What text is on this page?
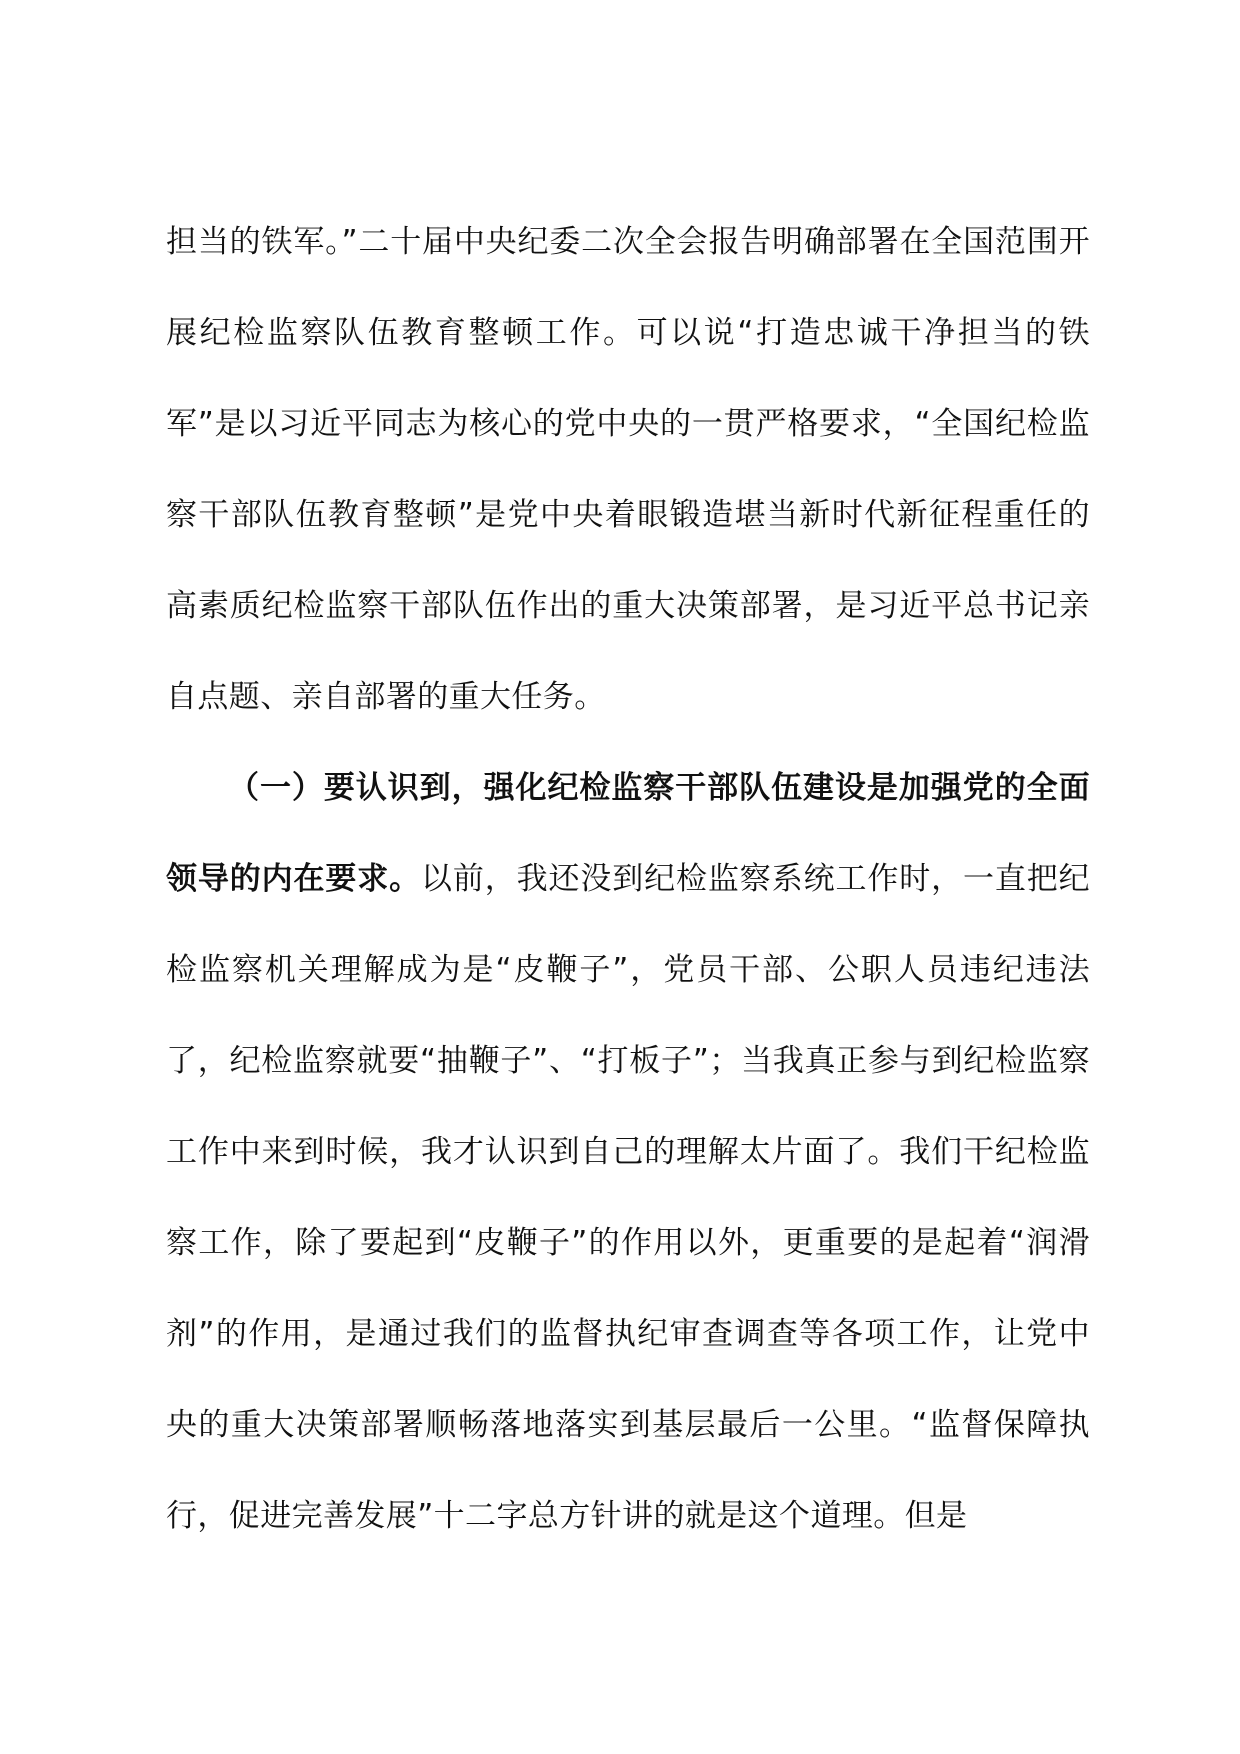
担当的铁军。”二十届中央纪委二次全会报告明确部署在全国范围开展纪检监察队伍教育整顿工作。可以说“打造忠诚干净担当的铁军”是以习近平同志为核心的党中央的一贯严格要求，“全国纪检监察干部队伍教育整顿”是党中央着眼锻造堪当新时代新征程重任的高素质纪检监察干部队伍作出的重大决策部署，是习近平总书记亲自点题、亲自部署的重大任务。

（一）要认识到，强化纪检监察干部队伍建设是加强党的全面领导的内在要求。以前，我还没到纪检监察系统工作时，一直把纪检监察机关理解成为是“皮鞭子”，党员干部、公职人员违纪违法了，纪检监察就要“抽鞭子”、“打板子”；当我真正参与到纪检监察工作中来到时候，我才认识到自己的理解太片面了。我们干纪检监察工作，除了要起到“皮鞭子”的作用以外，更重要的是起着“润滑剂”的作用，是通过我们的监督执纪审查调查等各项工作，让党中央的重大决策部署顺畅落地落实到基层最后一公里。“监督保障执行，促进完善发展”十二字总方针讲的就是这个道理。但是
